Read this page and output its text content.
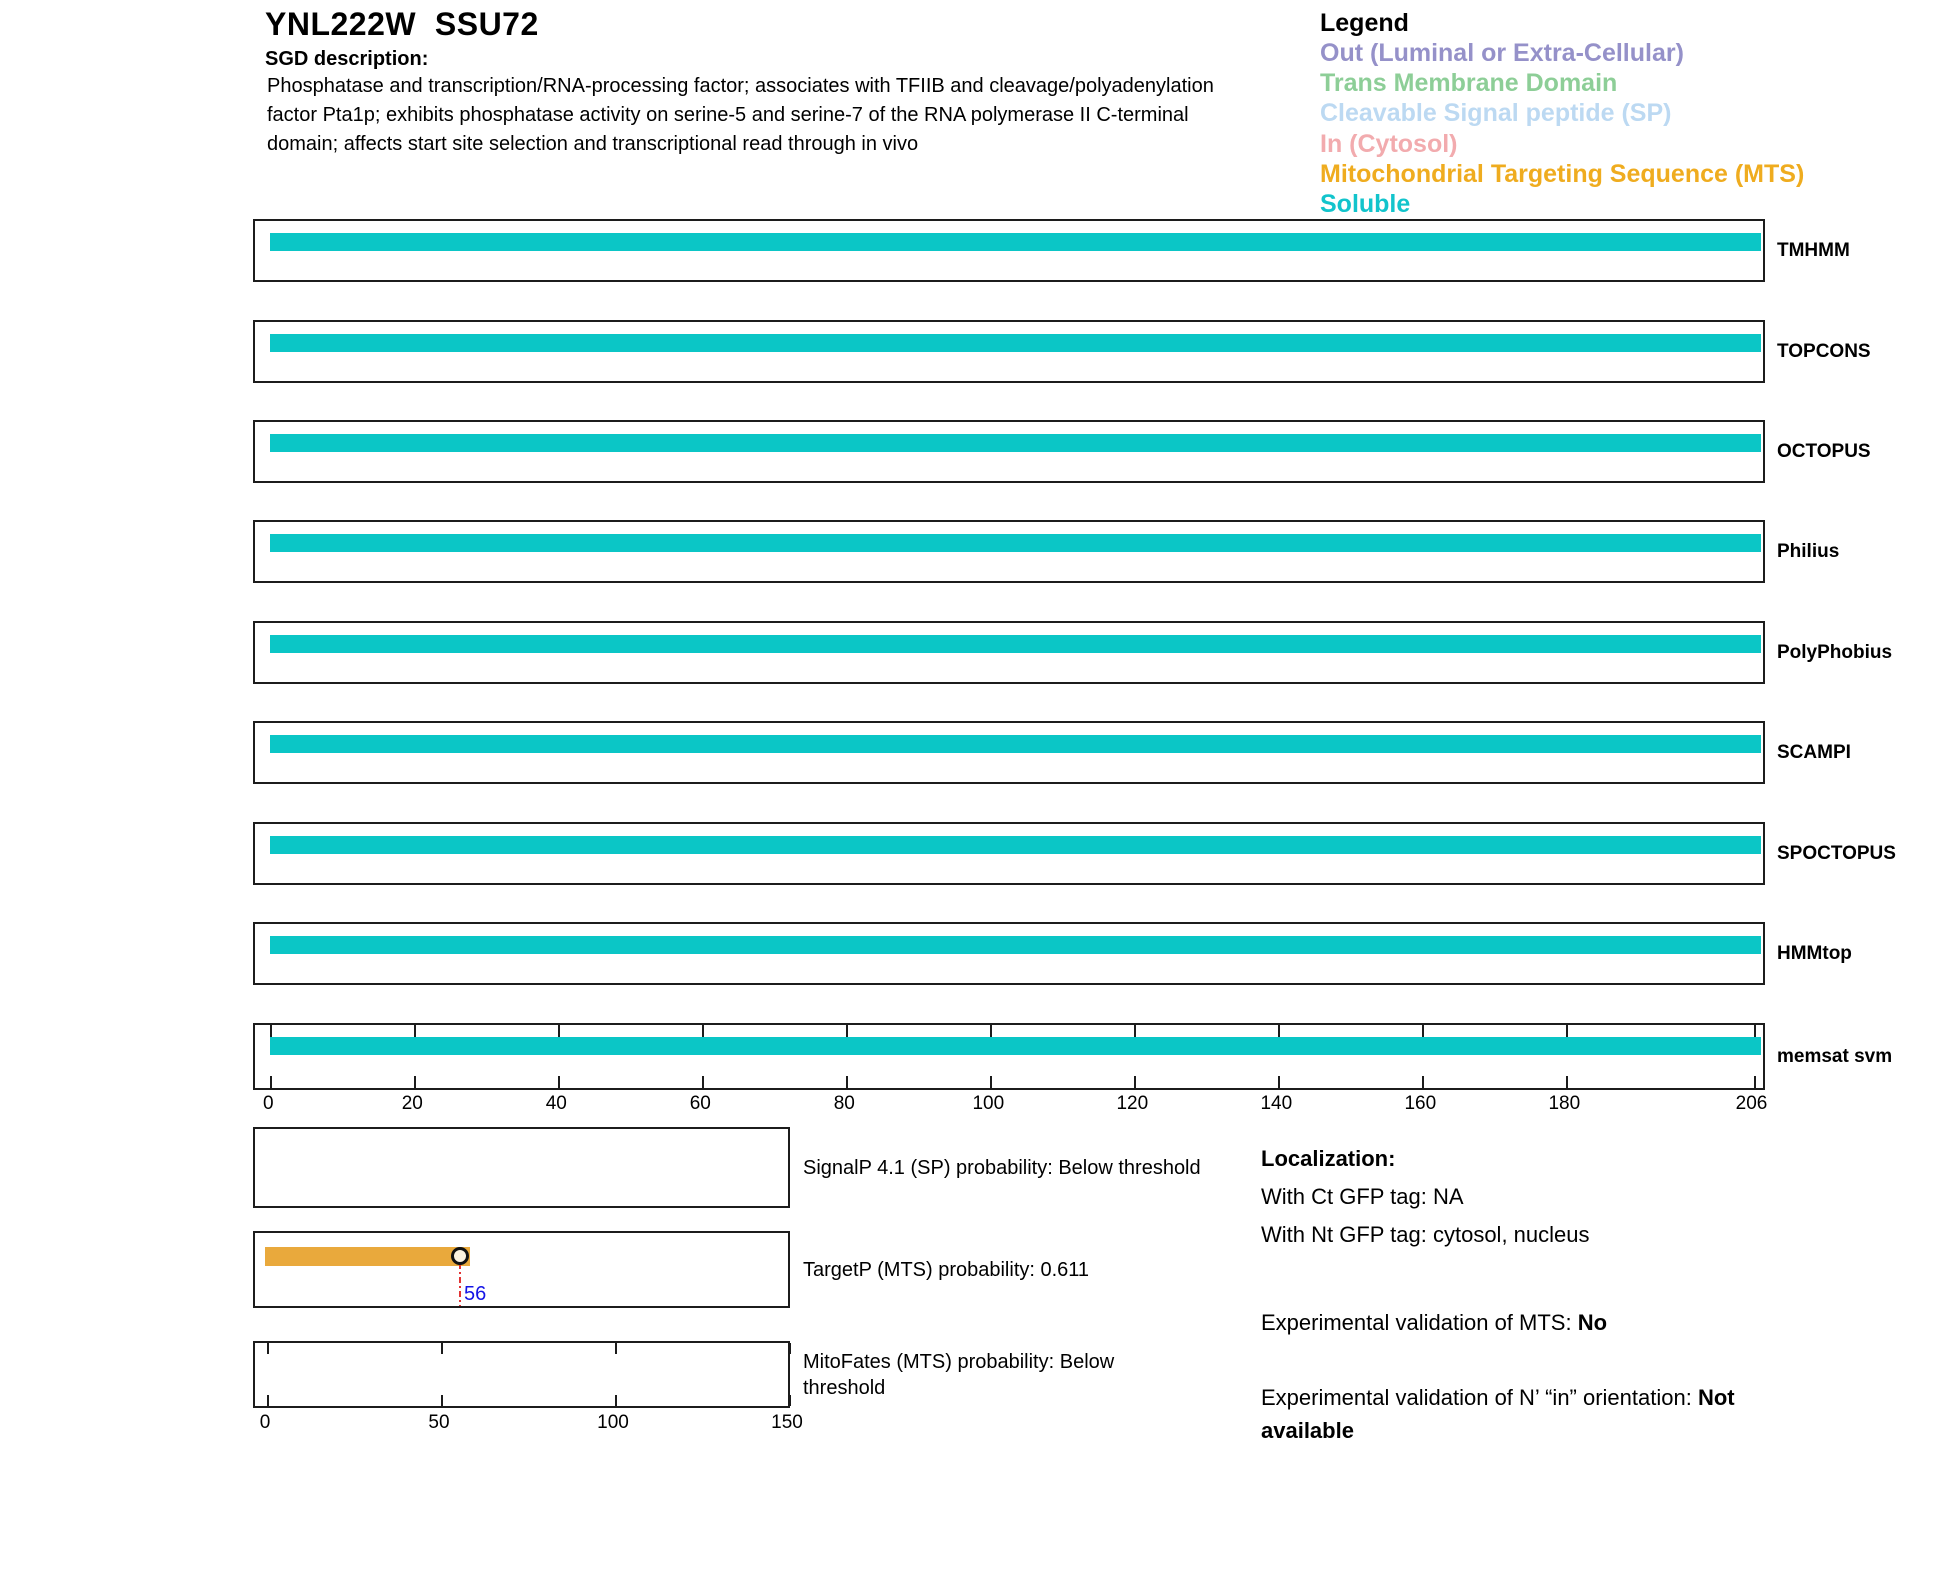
YNL222W  SSU72
SGD description:
Phosphatase and transcription/RNA-processing factor; associates with TFIIB and cleavage/polyadenylation
factor Pta1p; exhibits phosphatase activity on serine-5 and serine-7 of the RNA polymerase II C-terminal
domain; affects start site selection and transcriptional read through in vivo
Legend
Out (Luminal or Extra-Cellular)
Trans Membrane Domain
Cleavable Signal peptide (SP)
In (Cytosol)
Mitochondrial Targeting Sequence (MTS)
Soluble
TMHMM
TOPCONS
OCTOPUS
Philius
PolyPhobius
SCAMPI
SPOCTOPUS
HMMtop
memsat svm
0	20	40	60	80	100	120	140	160	180	206
SignalP 4.1 (SP) probability: Below threshold
56
TargetP (MTS) probability: 0.611
0	50	100	150
MitoFates (MTS) probability: Below
threshold
Localization:
With Ct GFP tag: NA
With Nt GFP tag: cytosol, nucleus
Experimental validation of MTS: No
Experimental validation of N’ “in” orientation: Not available
